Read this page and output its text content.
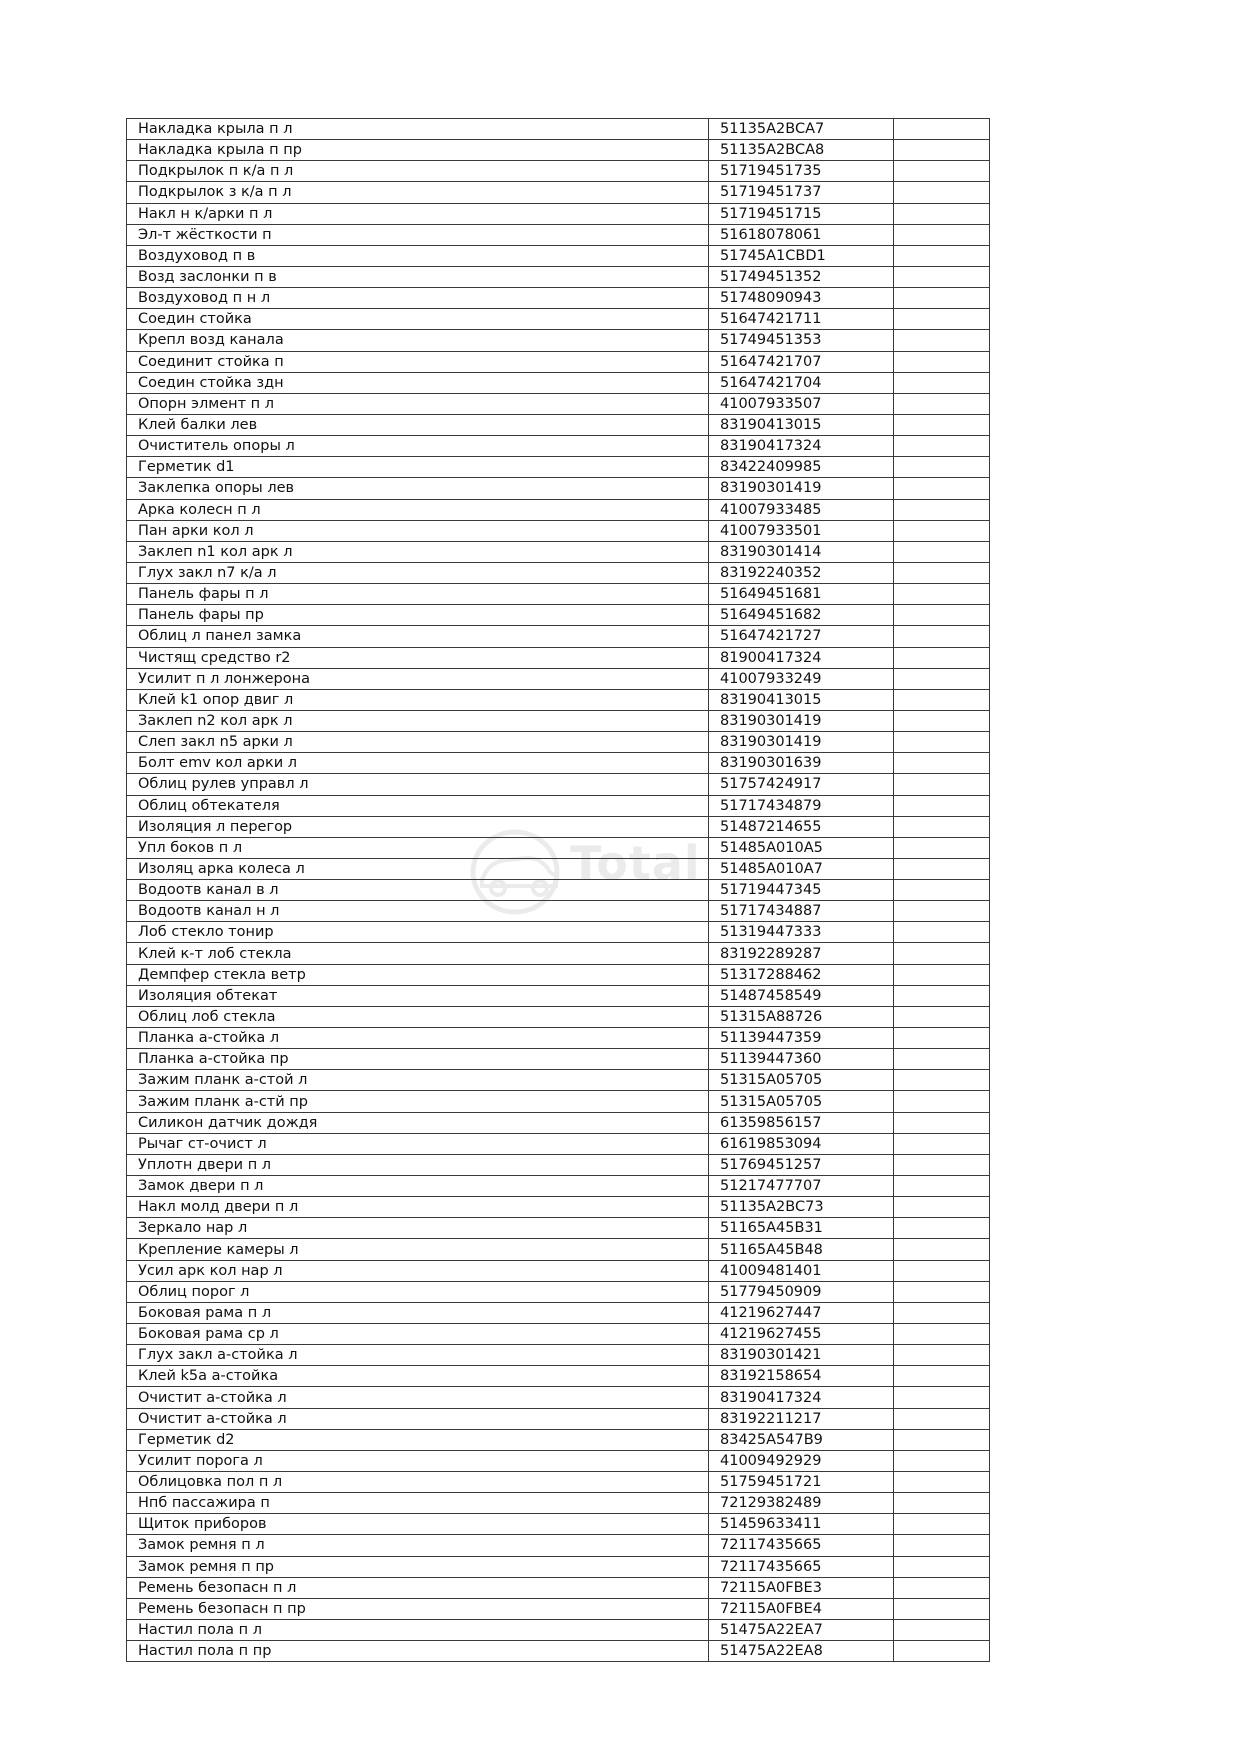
Total
Накладка крыла п л	51135A2BCA7	
Накладка крыла п пр	51135A2BCA8	
Подкрылок п к/а п л	51719451735	
Подкрылок з к/а п л	51719451737	
Накл н к/арки п л	51719451715	
Эл-т жёсткости п	51618078061	
Воздуховод п в	51745A1CBD1	
Возд заслонки п в	51749451352	
Воздуховод п н л	51748090943	
Соедин стойка	51647421711	
Крепл возд канала	51749451353	
Соединит стойка п	51647421707	
Соедин стойка здн	51647421704	
Опорн элмент п л	41007933507	
Клей балки лев	83190413015	
Очиститель опоры л	83190417324	
Герметик d1	83422409985	
Заклепка опоры лев	83190301419	
Арка колесн п л	41007933485	
Пан арки кол л	41007933501	
Заклеп n1 кол арк л	83190301414	
Глух закл n7 к/а л	83192240352	
Панель фары п л	51649451681	
Панель фары пр	51649451682	
Облиц л панел замка	51647421727	
Чистящ средство r2	81900417324	
Усилит п л лонжерона	41007933249	
Клей k1 опор двиг л	83190413015	
Заклеп n2 кол арк л	83190301419	
Слеп закл n5 арки л	83190301419	
Болт emv кол арки л	83190301639	
Облиц рулев управл л	51757424917	
Облиц обтекателя	51717434879	
Изоляция л перегор	51487214655	
Упл боков п л	51485A010A5	
Изоляц арка колеса л	51485A010A7	
Водоотв канал в л	51719447345	
Водоотв канал н л	51717434887	
Лоб стекло тонир	51319447333	
Клей к-т лоб стекла	83192289287	
Демпфер стекла ветр	51317288462	
Изоляция обтекат	51487458549	
Облиц лоб стекла	51315A88726	
Планка а-стойка л	51139447359	
Планка а-стойка пр	51139447360	
Зажим планк а-стой л	51315A05705	
Зажим планк а-стй пр	51315A05705	
Силикон датчик дождя	61359856157	
Рычаг ст-очист л	61619853094	
Уплотн двери п л	51769451257	
Замок двери п л	51217477707	
Накл молд двери п л	51135A2BC73	
Зеркало нар л	51165A45B31	
Крепление камеры л	51165A45B48	
Усил арк кол нар л	41009481401	
Облиц порог л	51779450909	
Боковая рама п л	41219627447	
Боковая рама ср л	41219627455	
Глух закл а-стойка л	83190301421	
Клей k5a а-стойка	83192158654	
Очистит а-стойка л	83190417324	
Очистит а-стойка л	83192211217	
Герметик d2	83425A547B9	
Усилит порога л	41009492929	
Облицовка пол п л	51759451721	
Нпб пассажира п	72129382489	
Щиток приборов	51459633411	
Замок ремня п л	72117435665	
Замок ремня п пр	72117435665	
Ремень безопасн п л	72115A0FBE3	
Ремень безопасн п пр	72115A0FBE4	
Настил пола п л	51475A22EA7	
Настил пола п пр	51475A22EA8	
